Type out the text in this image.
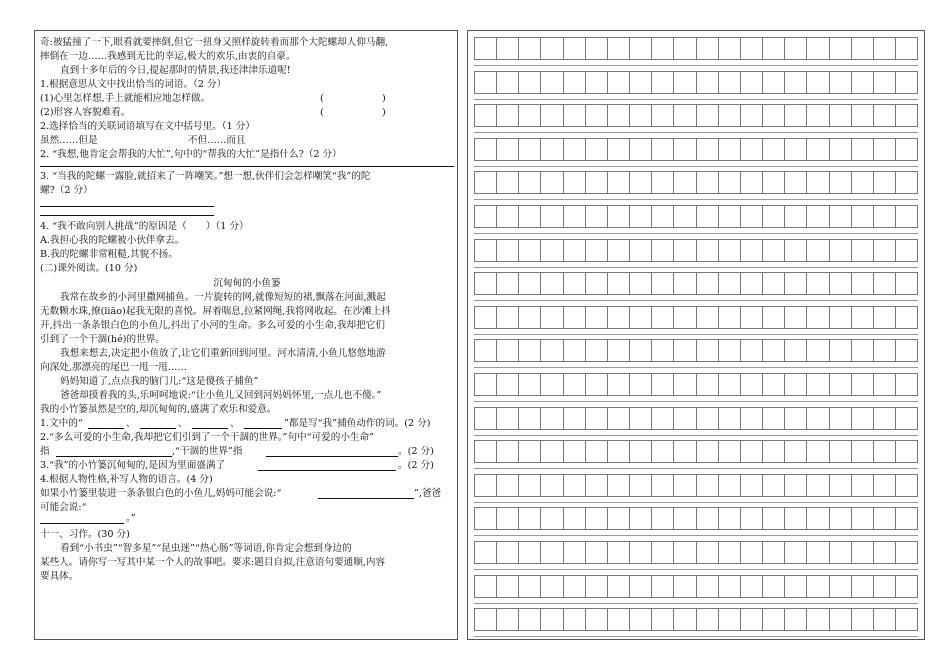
奇:被猛撞了一下,眼看就要摔倒,但它一扭身又照样旋转着而那个大陀螺却人仰马翻,
摔倒在一边……我感到无比的幸运,极大的欢乐,由衷的自豪。
直到十多年后的今日,提起那时的情景,我还津津乐道呢!
1.根据意思从文中找出恰当的词语。（2 分）
(1)心里怎样想,手上就能相应地怎样做。	(	)
(2)形容人容貌难看。	(	)
2.选择恰当的关联词语填写在文中括号里。（1 分）
虽然……但是	不但……而且
2. “我想,他肯定会帮我的大忙”,句中的“帮我的大忙”是指什么?（2 分）
3. “当我的陀螺一露脸,就招来了一阵嘲笑。”想一想,伙伴们会怎样嘲笑“我”的陀
螺?（2 分）
4. “我不敢向别人挑战”的原因是（　　）（1 分）
A.我担心我的陀螺被小伙伴拿去。
B.我的陀螺非常粗糙,其貌不扬。
(二)课外阅读。(10 分)
沉甸甸的小鱼篓
我常在故乡的小河里撒网捕鱼。一片旋转的网,就像短短的裙,飘落在河面,溅起
无数颗水珠,撩(liāo)起我无限的喜悦。屏着喘息,拉紧网绳,我将网收起。在沙滩上抖
开,抖出一条条银白色的小鱼儿,抖出了小河的生命。多么可爱的小生命,我却把它们
引到了一个干涸(hé)的世界。
我想来想去,决定把小鱼放了,让它们重新回到河里。河水清清,小鱼儿悠悠地游
向深处,那漂亮的尾巴一甩一甩……
妈妈知道了,点点我的脑门儿:“这是傻孩子捕鱼”
爸爸却摸着我的头,乐呵呵地说:“让小鱼儿又回到河妈妈怀里,一点儿也不傻。”
我的小竹篓虽然是空的,却沉甸甸的,盛满了欢乐和爱意。
1.文中的“	、	、	、	”都是写“我”捕鱼动作的词。(2 分)
2.“多么可爱的小生命,我却把它们引到了一个干涸的世界。”句中“可爱的小生命”
指	,“干涸的世界”指	。(2 分)
3.“我”的小竹篓沉甸甸的,是因为里面盛满了	。(2 分)
4.根据人物性格,补写人物的语言。(4 分)
如果小竹篓里装进一条条银白色的小鱼儿,妈妈可能会说:“	”,爸爸
可能会说:“
。”
十一、习作。(30 分)
看到“小书虫”“智多星”“昆虫迷”“热心肠”等词语,你肯定会想到身边的
某些人。请你写一写其中某一个人的故事吧。要求:题目自拟,注意语句要通顺,内容
要具体。
